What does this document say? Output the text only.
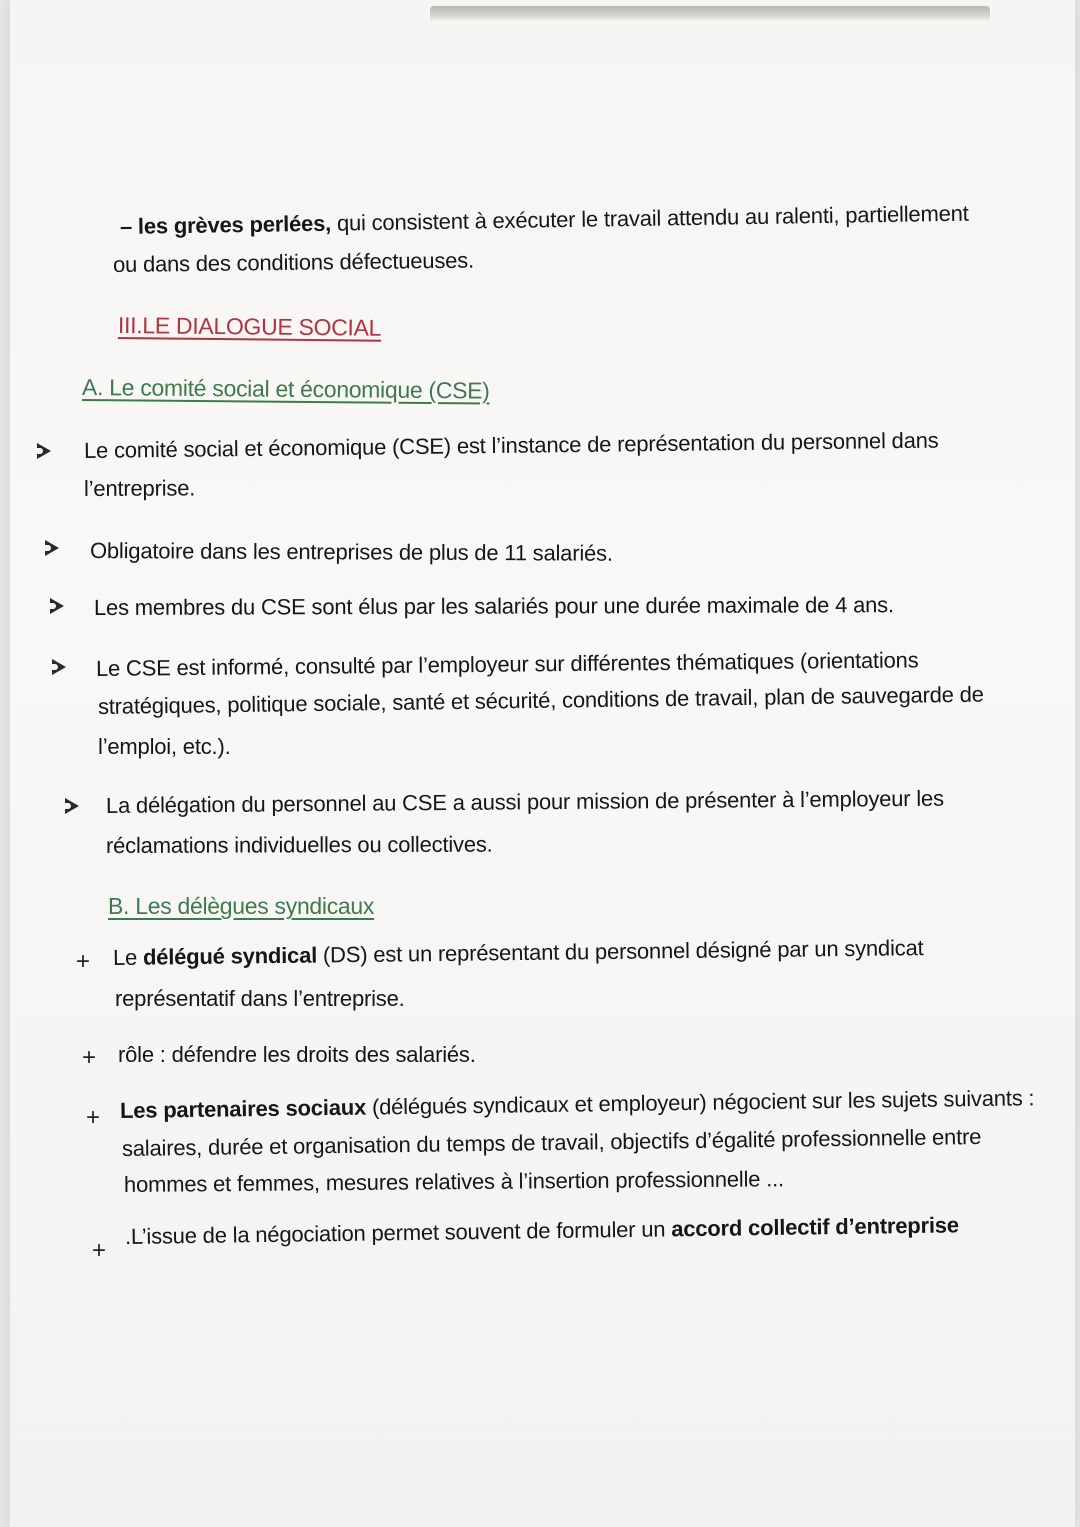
– les grèves perlées, qui consistent à exécuter le travail attendu au ralenti, partiellement
ou dans des conditions défectueuses.
III.LE DIALOGUE SOCIAL
A. Le comité social et économique (CSE)
Le comité social et économique (CSE) est l’instance de représentation du personnel dans
l’entreprise.
Obligatoire dans les entreprises de plus de 11 salariés.
Les membres du CSE sont élus par les salariés pour une durée maximale de 4 ans.
Le CSE est informé, consulté par l’employeur sur différentes thématiques (orientations
stratégiques, politique sociale, santé et sécurité, conditions de travail, plan de sauvegarde de
l’emploi, etc.).
La délégation du personnel au CSE a aussi pour mission de présenter à l’employeur les
réclamations individuelles ou collectives.
B. Les délègues syndicaux
+ Le délégué syndical (DS) est un représentant du personnel désigné par un syndicat
représentatif dans l’entreprise.
+ rôle : défendre les droits des salariés.
+ Les partenaires sociaux (délégués syndicaux et employeur) négocient sur les sujets suivants :
salaires, durée et organisation du temps de travail, objectifs d’égalité professionnelle entre
hommes et femmes, mesures relatives à l’insertion professionnelle ...
+
.L’issue de la négociation permet souvent de formuler un accord collectif d’entreprise
